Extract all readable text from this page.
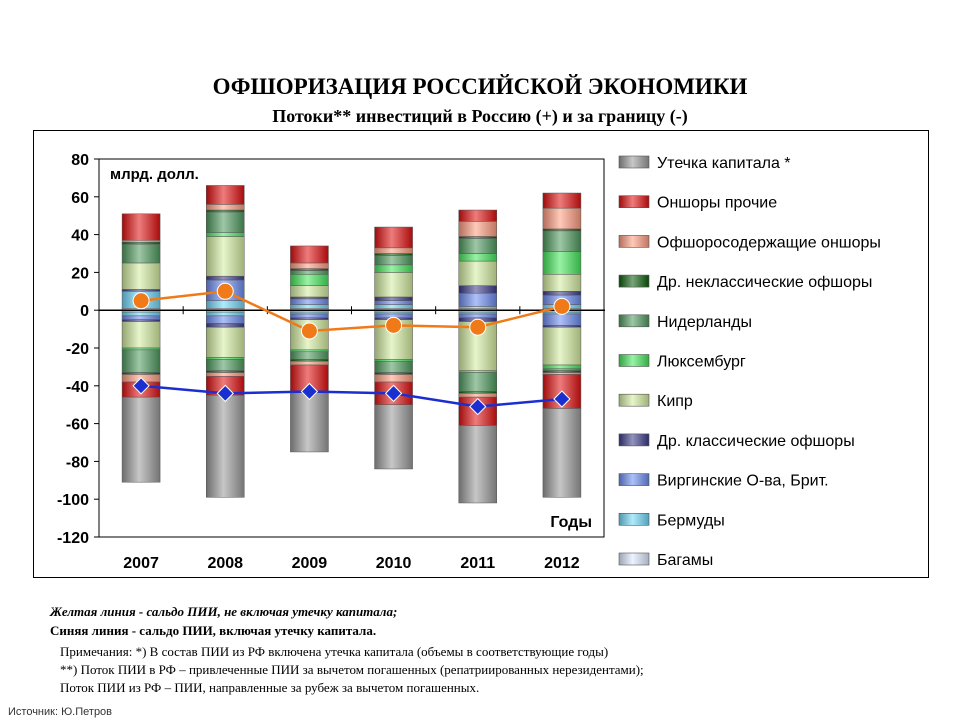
ОФШОРИЗАЦИЯ РОССИЙСКОЙ ЭКОНОМИКИ
Потоки** инвестиций в Россию (+) и за границу (-)
80
60
40
20
0
-20
-40
-60
-80
-100
-120
2007	2008	2009	2010	2011	2012
млрд. долл.
Годы
Утечка капитала *
Оншоры прочие
Офшоросодержащие оншоры
Др. неклассические офшоры
Нидерланды
Люксембург
Кипр
Др. классические офшоры
Виргинские О-ва, Брит.
Бермуды
Багамы
Желтая линия - сальдо ПИИ, не включая утечку капитала;
Синяя линия - сальдо ПИИ, включая утечку капитала.
Примечания: *) В состав ПИИ из РФ включена утечка капитала (объемы в соответствующие годы)
**) Поток ПИИ в РФ – привлеченные ПИИ за вычетом погашенных (репатриированных нерезидентами);
Поток ПИИ из РФ – ПИИ, направленные за рубеж за вычетом погашенных.
Источник: Ю.Петров
